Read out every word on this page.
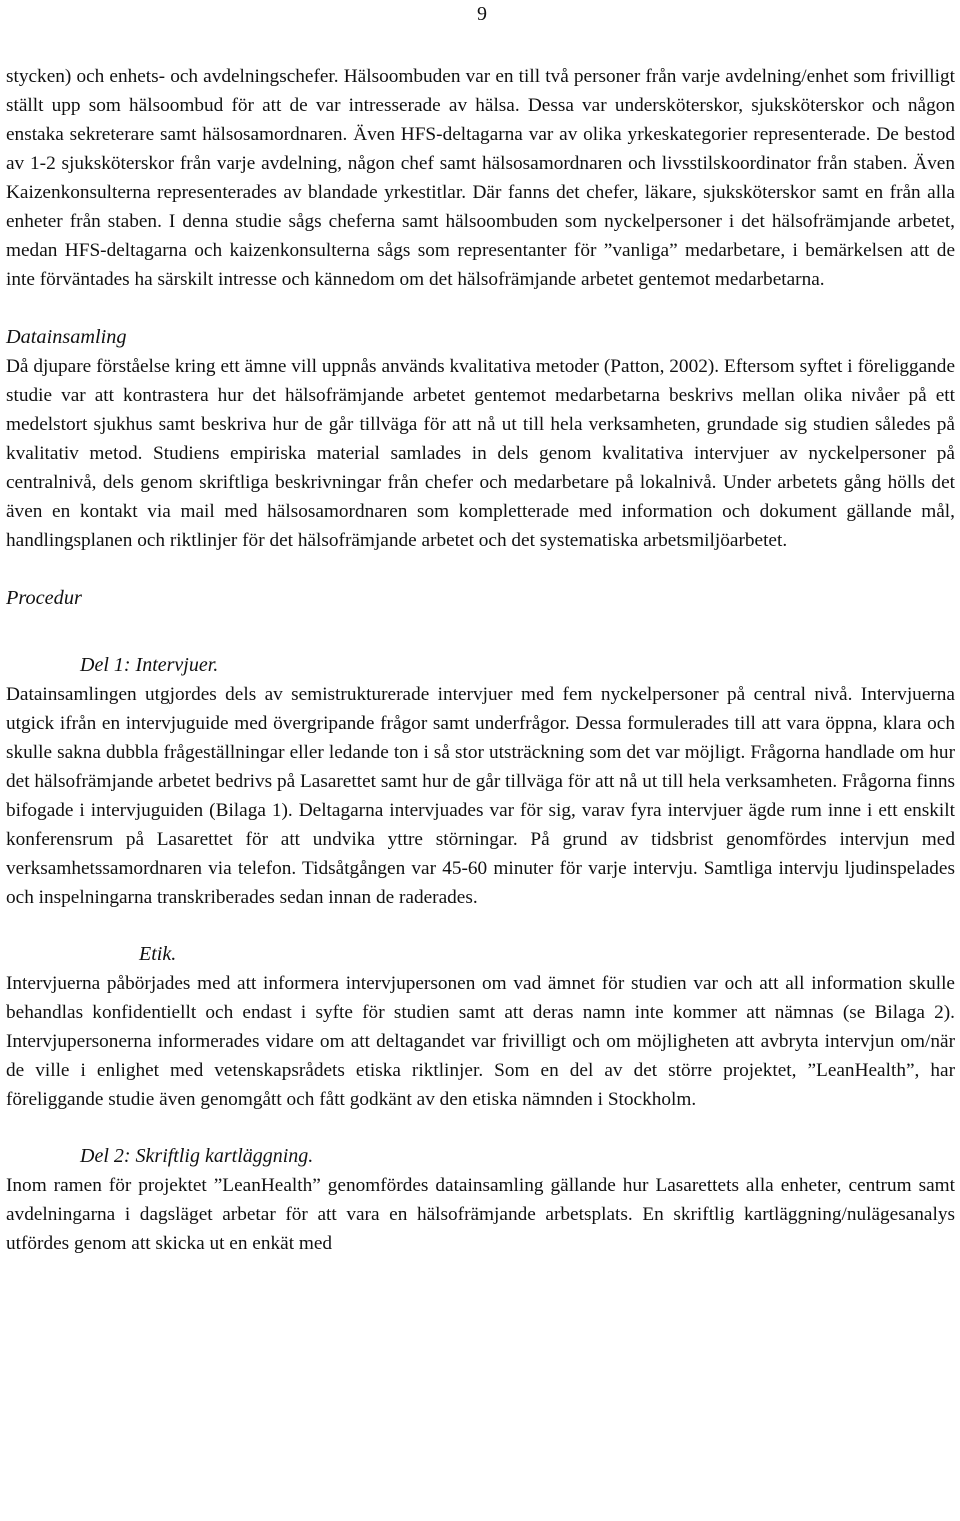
9

stycken) och enhets- och avdelningschefer. Hälsoombuden var en till två personer från varje avdelning/enhet som frivilligt ställt upp som hälsoombud för att de var intresserade av hälsa. Dessa var undersköterskor, sjuksköterskor och någon enstaka sekreterare samt hälsosamordnaren. Även HFS-deltagarna var av olika yrkeskategorier representerade. De bestod av 1-2 sjuksköterskor från varje avdelning, någon chef samt hälsosamordnaren och livsstilskoordinator från staben. Även Kaizenkonsulterna representerades av blandade yrkestitlar. Där fanns det chefer, läkare, sjuksköterskor samt en från alla enheter från staben. I denna studie sågs cheferna samt hälsoombuden som nyckelpersoner i det hälsofrämjande arbetet, medan HFS-deltagarna och kaizenkonsulterna sågs som representanter för ”vanliga” medarbetare, i bemärkelsen att de inte förväntades ha särskilt intresse och kännedom om det hälsofrämjande arbetet gentemot medarbetarna.

Datainsamling

Då djupare förståelse kring ett ämne vill uppnås används kvalitativa metoder (Patton, 2002). Eftersom syftet i föreliggande studie var att kontrastera hur det hälsofrämjande arbetet gentemot medarbetarna beskrivs mellan olika nivåer på ett medelstort sjukhus samt beskriva hur de går tillväga för att nå ut till hela verksamheten, grundade sig studien således på kvalitativ metod. Studiens empiriska material samlades in dels genom kvalitativa intervjuer av nyckelpersoner på centralnivå, dels genom skriftliga beskrivningar från chefer och medarbetare på lokalnivå. Under arbetets gång hölls det även en kontakt via mail med hälsosamordnaren som kompletterade med information och dokument gällande mål, handlingsplanen och riktlinjer för det hälsofrämjande arbetet och det systematiska arbetsmiljöarbetet.

Procedur
Del 1: Intervjuer.

Datainsamlingen utgjordes dels av semistrukturerade intervjuer med fem nyckelpersoner på central nivå. Intervjuerna utgick ifrån en intervjuguide med övergripande frågor samt underfrågor. Dessa formulerades till att vara öppna, klara och skulle sakna dubbla frågeställningar eller ledande ton i så stor utsträckning som det var möjligt. Frågorna handlade om hur det hälsofrämjande arbetet bedrivs på Lasarettet samt hur de går tillväga för att nå ut till hela verksamheten. Frågorna finns bifogade i intervjuguiden (Bilaga 1). Deltagarna intervjuades var för sig, varav fyra intervjuer ägde rum inne i ett enskilt konferensrum på Lasarettet för att undvika yttre störningar. På grund av tidsbrist genomfördes intervjun med verksamhetssamordnaren via telefon. Tidsåtgången var 45-60 minuter för varje intervju. Samtliga intervju ljudinspelades och inspelningarna transkriberades sedan innan de raderades.

Etik.

Intervjuerna påbörjades med att informera intervjupersonen om vad ämnet för studien var och att all information skulle behandlas konfidentiellt och endast i syfte för studien samt att deras namn inte kommer att nämnas (se Bilaga 2). Intervjupersonerna informerades vidare om att deltagandet var frivilligt och om möjligheten att avbryta intervjun om/när de ville i enlighet med vetenskapsrådets etiska riktlinjer. Som en del av det större projektet, ”LeanHealth”, har föreliggande studie även genomgått och fått godkänt av den etiska nämnden i Stockholm.

Del 2: Skriftlig kartläggning.

Inom ramen för projektet ”LeanHealth” genomfördes datainsamling gällande hur Lasarettets alla enheter, centrum samt avdelningarna i dagsläget arbetar för att vara en hälsofrämjande arbetsplats. En skriftlig kartläggning/nulägesanalys utfördes genom att skicka ut en enkät med
